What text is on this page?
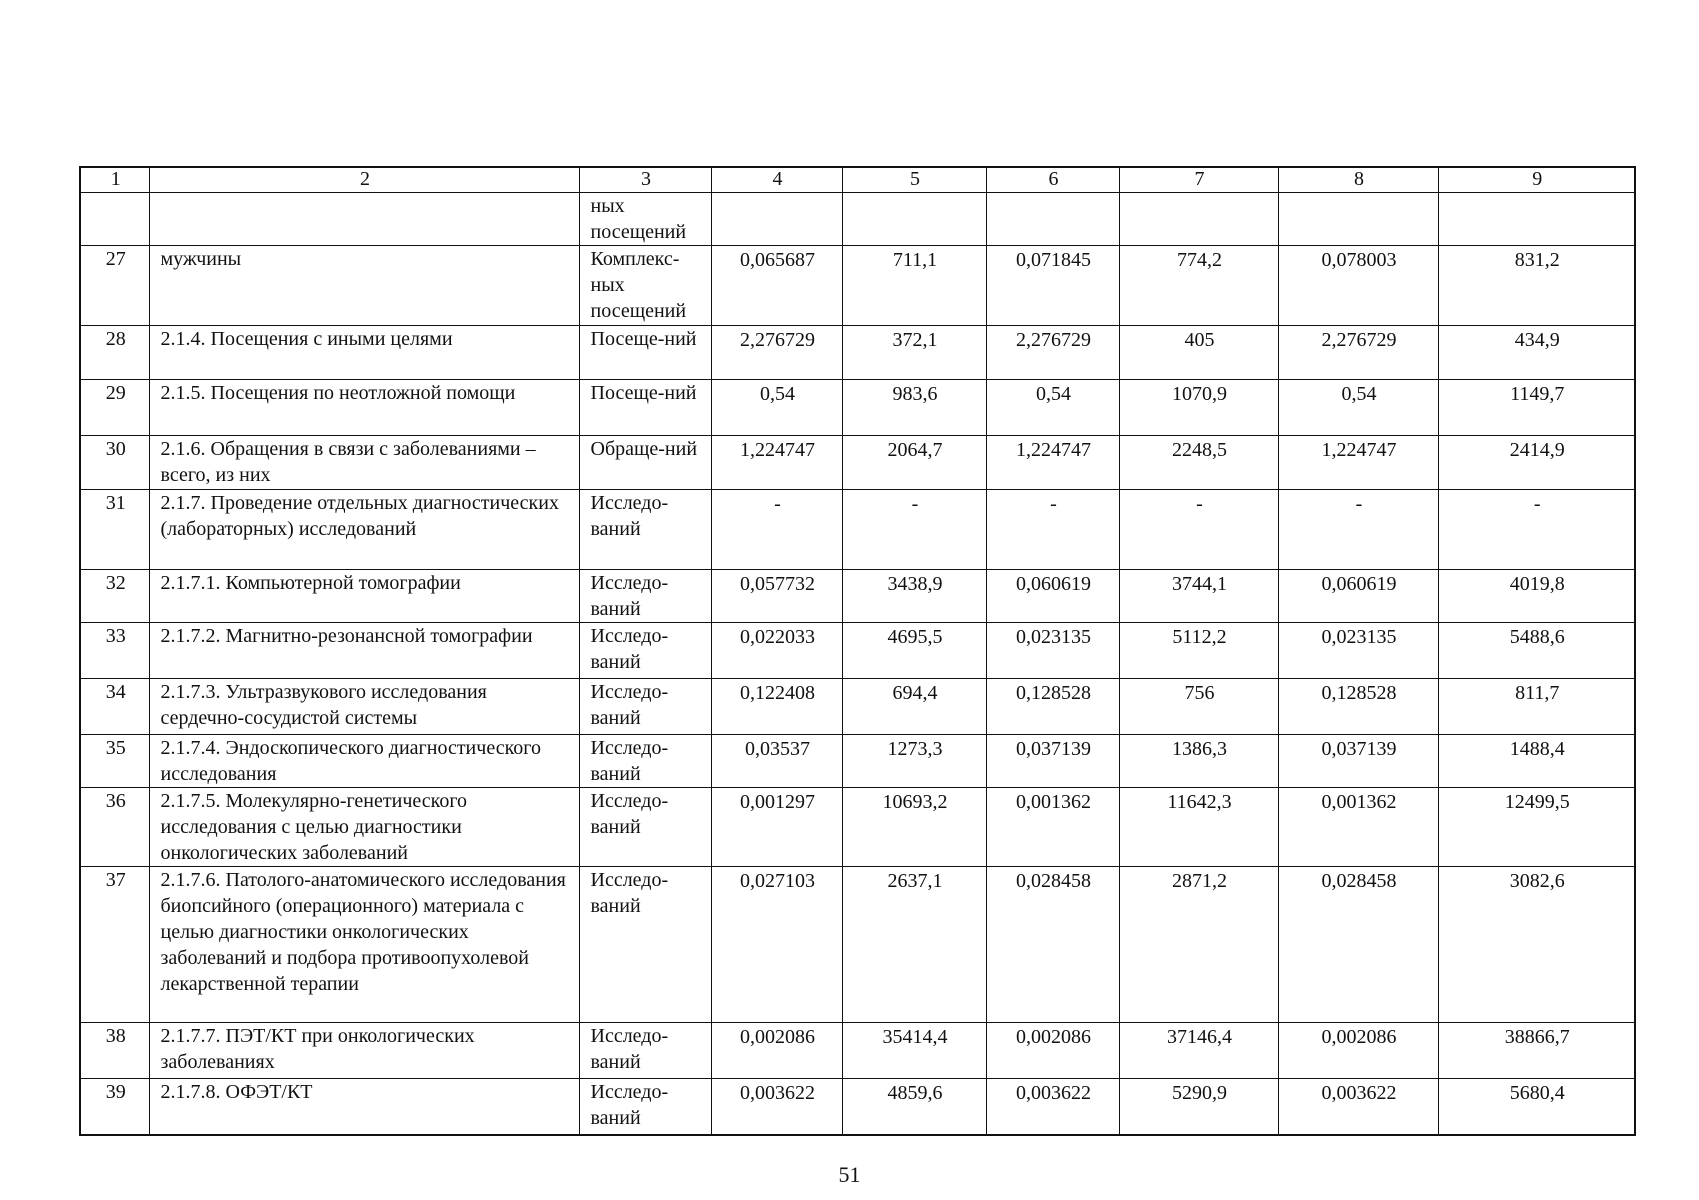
1	2	3	4	5	6	7	8	9
		ных посещений						
27	мужчины	Комплекс-ных посещений	0,065687	711,1	0,071845	774,2	0,078003	831,2
28	2.1.4. Посещения с иными целями	Посеще-ний	2,276729	372,1	2,276729	405	2,276729	434,9
29	2.1.5. Посещения по неотложной помощи	Посеще-ний	0,54	983,6	0,54	1070,9	0,54	1149,7
30	2.1.6. Обращения в связи с заболеваниями – всего, из них	Обраще-ний	1,224747	2064,7	1,224747	2248,5	1,224747	2414,9
31	2.1.7. Проведение отдельных диагностических (лабораторных) исследований	Исследо-ваний	-	-	-	-	-	-
32	2.1.7.1. Компьютерной томографии	Исследо-ваний	0,057732	3438,9	0,060619	3744,1	0,060619	4019,8
33	2.1.7.2. Магнитно-резонансной томографии	Исследо-ваний	0,022033	4695,5	0,023135	5112,2	0,023135	5488,6
34	2.1.7.3. Ультразвукового исследования сердечно-сосудистой системы	Исследо-ваний	0,122408	694,4	0,128528	756	0,128528	811,7
35	2.1.7.4. Эндоскопического диагностического исследования	Исследо-ваний	0,03537	1273,3	0,037139	1386,3	0,037139	1488,4
36	2.1.7.5. Молекулярно-генетического исследования с целью диагностики онкологических заболеваний	Исследо-ваний	0,001297	10693,2	0,001362	11642,3	0,001362	12499,5
37	2.1.7.6. Патолого-анатомического исследования биопсийного (операционного) материала с целью диагностики онкологических заболеваний и подбора противоопухолевой лекарственной терапии	Исследо-ваний	0,027103	2637,1	0,028458	2871,2	0,028458	3082,6
38	2.1.7.7. ПЭТ/КТ при онкологических заболеваниях	Исследо-ваний	0,002086	35414,4	0,002086	37146,4	0,002086	38866,7
39	2.1.7.8. ОФЭТ/КТ	Исследо-ваний	0,003622	4859,6	0,003622	5290,9	0,003622	5680,4
51
